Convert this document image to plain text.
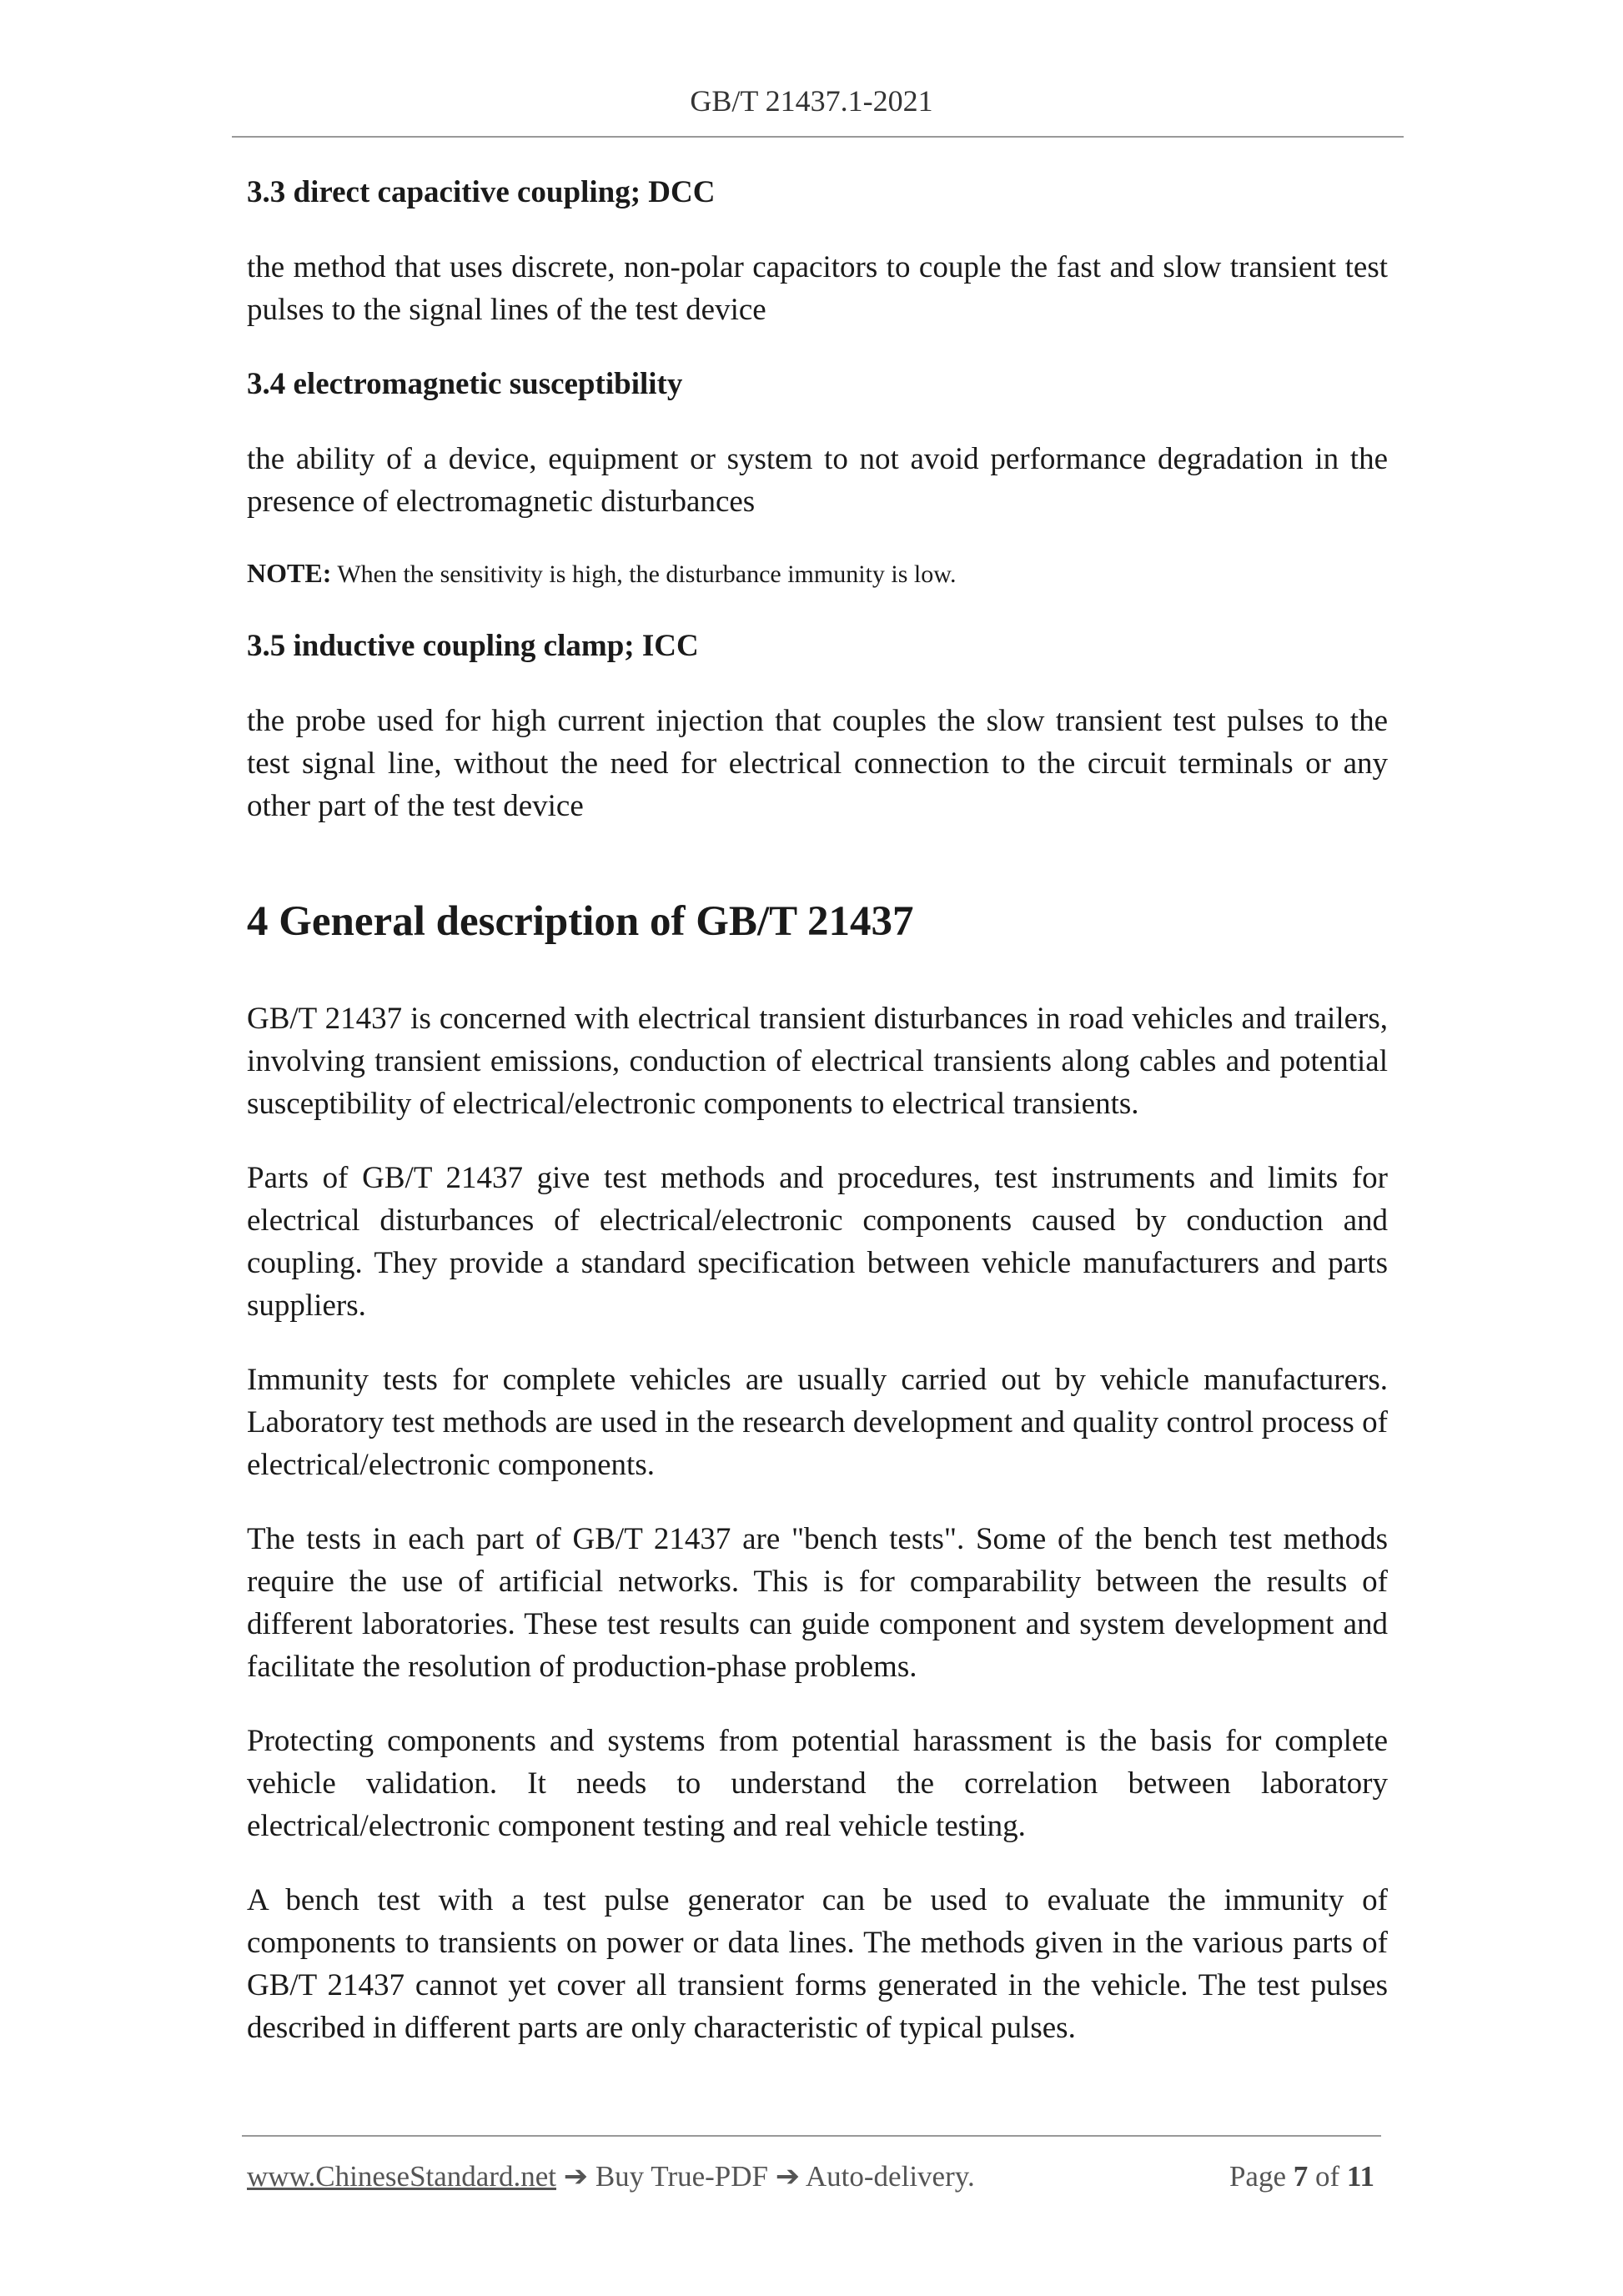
GB/T 21437.1-2021
3.3 direct capacitive coupling; DCC
the method that uses discrete, non-polar capacitors to couple the fast and slow transient test pulses to the signal lines of the test device
3.4 electromagnetic susceptibility
the ability of a device, equipment or system to not avoid performance degradation in the presence of electromagnetic disturbances
NOTE: When the sensitivity is high, the disturbance immunity is low.
3.5 inductive coupling clamp; ICC
the probe used for high current injection that couples the slow transient test pulses to the test signal line, without the need for electrical connection to the circuit terminals or any other part of the test device
4 General description of GB/T 21437
GB/T 21437 is concerned with electrical transient disturbances in road vehicles and trailers, involving transient emissions, conduction of electrical transients along cables and potential susceptibility of electrical/electronic components to electrical transients.
Parts of GB/T 21437 give test methods and procedures, test instruments and limits for electrical disturbances of electrical/electronic components caused by conduction and coupling. They provide a standard specification between vehicle manufacturers and parts suppliers.
Immunity tests for complete vehicles are usually carried out by vehicle manufacturers. Laboratory test methods are used in the research development and quality control process of electrical/electronic components.
The tests in each part of GB/T 21437 are "bench tests". Some of the bench test methods require the use of artificial networks. This is for comparability between the results of different laboratories. These test results can guide component and system development and facilitate the resolution of production-phase problems.
Protecting components and systems from potential harassment is the basis for complete vehicle validation. It needs to understand the correlation between laboratory electrical/electronic component testing and real vehicle testing.
A bench test with a test pulse generator can be used to evaluate the immunity of components to transients on power or data lines. The methods given in the various parts of GB/T 21437 cannot yet cover all transient forms generated in the vehicle. The test pulses described in different parts are only characteristic of typical pulses.
www.ChineseStandard.net ➔ Buy True-PDF ➔ Auto-delivery.	Page 7 of 11
